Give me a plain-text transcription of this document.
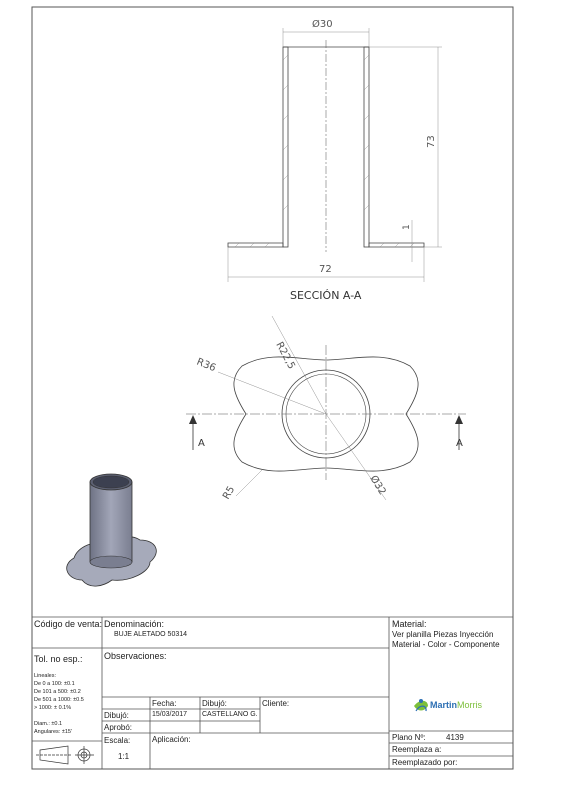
Ø30
73
1
72
SECCIÓN A-A
R22,5
R36
R5	Ø32
A	A
Código de venta: Denominación:
BUJE ALETADO 50314
Material:
Ver planilla Piezas Inyección
Material - Color - Componente
Tol. no esp.:
Lineales:
De 0 a 100: ±0.1
De 101 a 500: ±0.2
De 501 a 1000: ±0.5
> 1000: ± 0.1%
Diam.: ±0.1
Angulares: ±15'
Observaciones:
Fecha:	Dibujó:	Cliente:
Dibujó:	15/03/2017 CASTELLANO G.
Aprobó:
Escala:
1:1
Aplicación:
MartinMorris
Plano Nº:	4139
Reemplaza a:
Reemplazado por:
